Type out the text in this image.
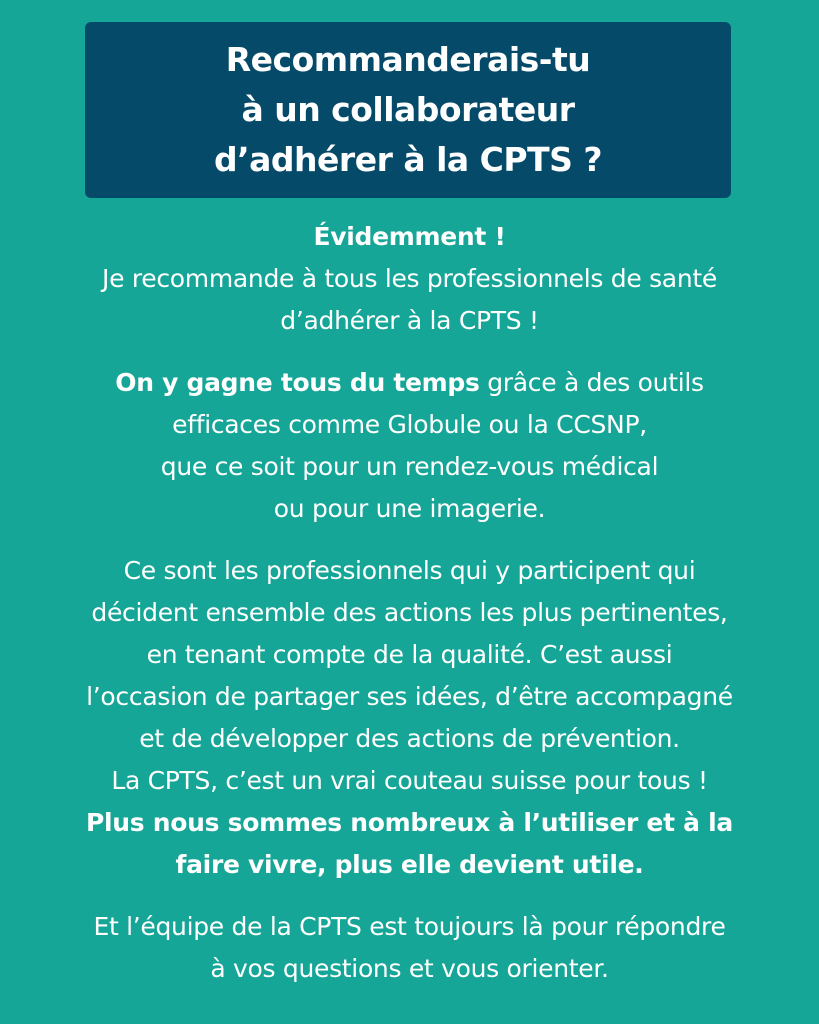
Recommanderais-tu
à un collaborateur
d’adhérer à la CPTS ?

Évidemment !
Je recommande à tous les professionnels de santé
d’adhérer à la CPTS !

On y gagne tous du temps grâce à des outils
efficaces comme Globule ou la CCSNP,
que ce soit pour un rendez-vous médical
ou pour une imagerie.

Ce sont les professionnels qui y participent qui
décident ensemble des actions les plus pertinentes,
en tenant compte de la qualité. C’est aussi
l’occasion de partager ses idées, d’être accompagné
et de développer des actions de prévention.
La CPTS, c’est un vrai couteau suisse pour tous !
Plus nous sommes nombreux à l’utiliser et à la
faire vivre, plus elle devient utile.

Et l’équipe de la CPTS est toujours là pour répondre
à vos questions et vous orienter.
